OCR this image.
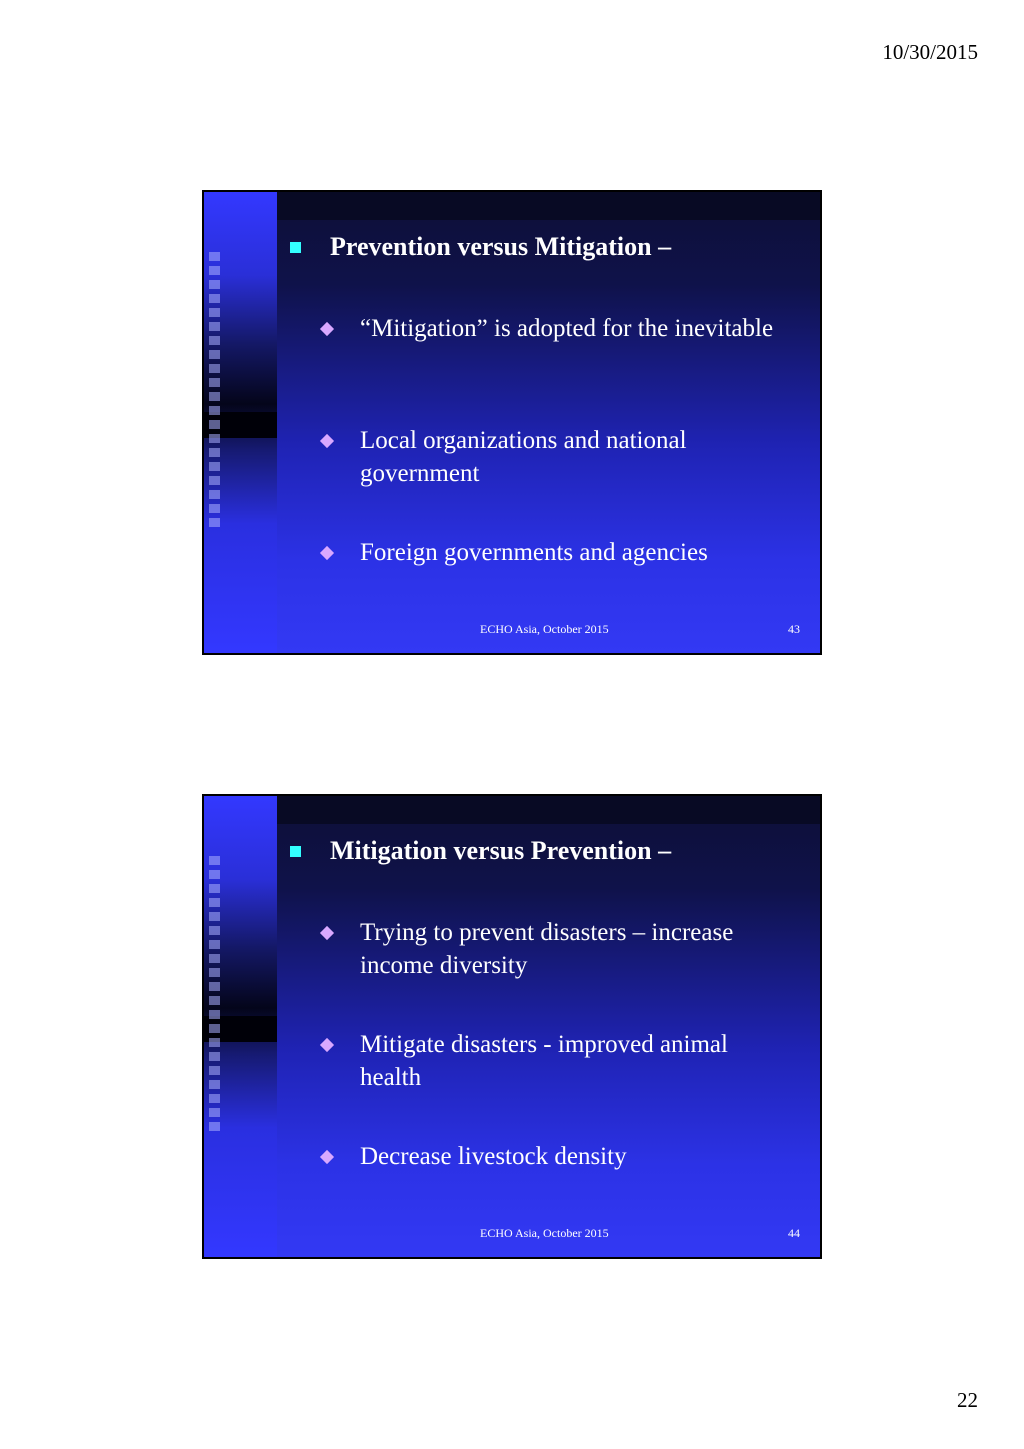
10/30/2015
Prevention versus Mitigation –
“Mitigation” is adopted for the inevitable
Local organizations and national government
Foreign governments and agencies
ECHO Asia, October 2015	43
Mitigation versus Prevention –
Trying to prevent disasters – increase income diversity
Mitigate disasters - improved animal health
Decrease livestock density
ECHO Asia, October 2015	44
22
